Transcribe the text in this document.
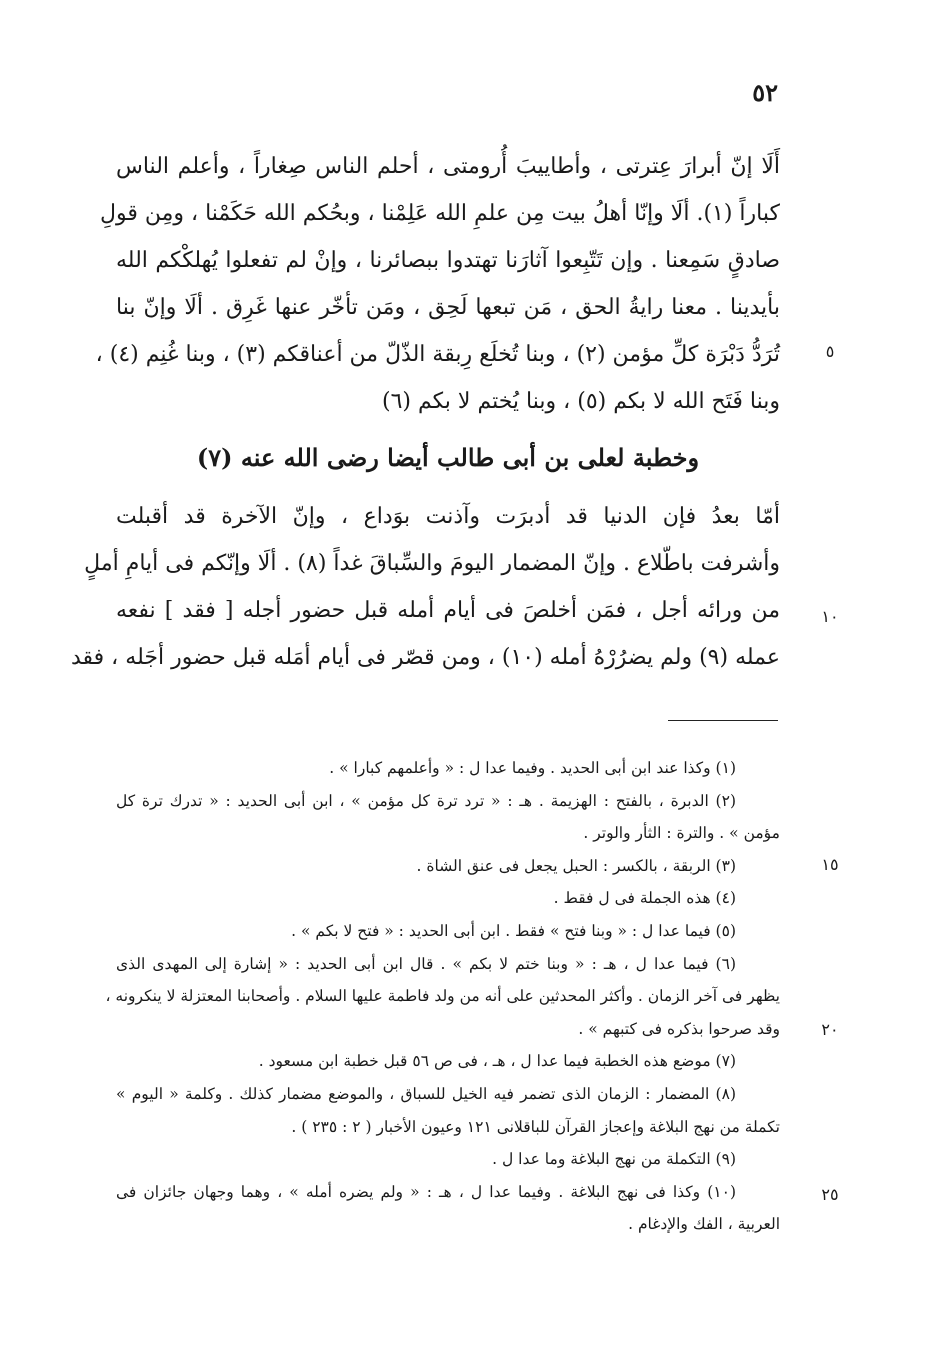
٥٢
أَلَا إنّ أبرارَ عِترتى ، وأطاييبَ أُرومتى ، أحلم الناس صِغاراً ، وأعلم الناس
كباراً (١). ألَا وإنّا أهلُ بيت مِن علمِ الله عَلِمْنا ، وبحُكم الله حَكَمْنا ، ومِن قولِ
صادقٍ سَمِعنا . وإن تَتّبِعوا آثارَنا تهتدوا ببصائرنا ، وإنْ لم تفعلوا يُهلكْكم الله
بأيدينا . معنا رايةُ الحق ، مَن تبعها لَحِق ، ومَن تأخّر عنها غَرِق . ألَا وإنّ بنا
تُرَدُّ دَبْرَة كلِّ مؤمن (٢) ، وبنا تُخلَع رِبقة الذّلّ من أعناقكم (٣) ، وبنا غُنِم (٤) ،
وبنا فَتَح الله لا بكم (٥) ، وبنا يُختم لا بكم (٦)
وخطبة لعلى بن أبى طالب أيضا رضى الله عنه (٧)
أمّا بعدُ فإن الدنيا قد أدبرَت وآذنت بوَداع ، وإنّ الآخرة قد أقبلت
وأشرفت باطّلاع . وإنّ المضمار اليومَ والسِّباقَ غداً (٨) . ألَا وإنّكم فى أيامِ أملٍ
من ورائه أجل ، فمَن أخلصَ فى أيام أمله قبل حضور أجله [ فقد ] نفعه
عمله (٩) ولم يضرُرْهُ أمله (١٠) ، ومن قصّر فى أيام أمَله قبل حضور أجَله ، فقد
٥
١٠
١٥
٢٠
٢٥
(١) وكذا عند ابن أبى الحديد . وفيما عدا ل : « وأعلمهم كبارا » .
(٢) الدبرة ، بالفتح : الهزيمة . هـ : « ترد ترة كل مؤمن » ، ابن أبى الحديد : « تدرك ترة كل
مؤمن » . والترة : الثأر والوتر .
(٣) الربقة ، بالكسر : الحبل يجعل فى عنق الشاة .
(٤) هذه الجملة فى ل فقط .
(٥) فيما عدا ل : « وبنا فتح » فقط . ابن أبى الحديد : « فتح لا بكم » .
(٦) فيما عدا ل ، هـ : « وبنا ختم لا بكم » . قال ابن أبى الحديد : « إشارة إلى المهدى الذى
يظهر فى آخر الزمان . وأكثر المحدثين على أنه من ولد فاطمة عليها السلام . وأصحابنا المعتزلة لا ينكرونه ،
وقد صرحوا بذكره فى كتبهم » .
(٧) موضع هذه الخطبة فيما عدا ل ، هـ ، فى ص ٥٦ قبل خطبة ابن مسعود .
(٨) المضمار : الزمان الذى تضمر فيه الخيل للسباق ، والموضع مضمار كذلك . وكلمة « اليوم »
تكملة من نهج البلاغة وإعجاز القرآن للباقلانى ١٢١ وعيون الأخبار ( ٢ : ٢٣٥ ) .
(٩) التكملة من نهج البلاغة وما عدا ل .
(١٠) وكذا فى نهج البلاغة . وفيما عدا ل ، هـ : « ولم يضره أمله » ، وهما وجهان جائزان فى
العربية ، الفك والإدغام .
